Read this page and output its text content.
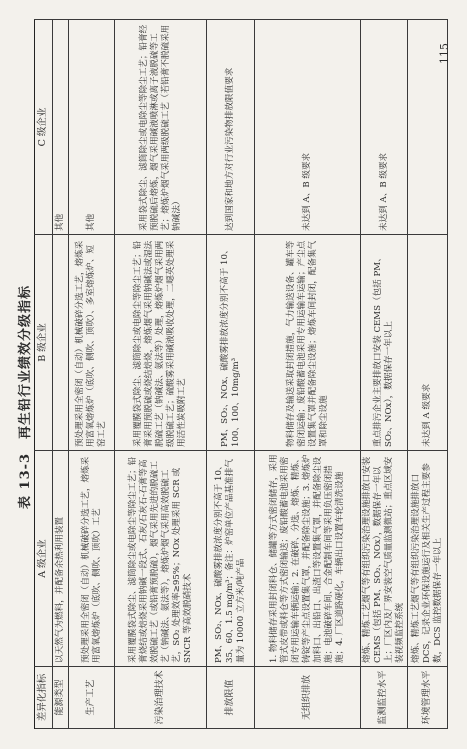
表 13-3　再生铅行业绩效分级指标
差异化指标	A 级企业	B 级企业	C 级企业
能源类型	以天然气为燃料，并配备余热利用装置		其他
生产工艺	预处理采用全密闭（自动）机械破碎分选工艺，熔炼采用富氧熔炼炉（底吹、侧吹、顶吹）工艺	预处理采用全密闭（自动）机械破碎分选工艺，熔炼采用富氧熔炼炉（底吹、侧吹、顶吹）、多室熔炼炉、短窑工艺	其他
污染治理技术	采用覆膜袋式除尘、滤筒除尘或电除尘等除尘工艺；铅膏烧结或焙烧采用钠碱一段式、石灰/石灰石-石膏等高效脱硫工艺（或铅膏预脱硫），烟气采用先进的脱硫工艺（钠碱法、氨法等），熔炼炉烟气采用高效脱硫工艺，SO₂ 处理效率≥95%；NOx 处理采用 SCR 或 SNCR 等高效脱硝技术	采用覆膜袋式除尘、滤筒除尘或电除尘等除尘工艺；铅膏采用预脱硫或烧结焙烧，熔炼烟气采用钠碱法或湿法脱硫工艺（钠碱法、氨法等）处理，熔炼炉烟气采用两级脱硫工艺；硫酸雾采用碱液吸收处理，二噁英处理采用活性炭吸附工艺	采用袋式除尘、滤筒除尘或电除尘等除尘工艺；铅膏经预脱硫后熔炼，烟气采用碱液喷淋或离子液脱硫等工艺；熔炼炉烟气采用两级脱硫工艺（若铅膏不脱硫采用钠碱法）
排放限值	PM、SO₂、NOx、硫酸雾排放浓度分别不高于 10、35、60、1.5 mg/m³；备注：炉窑单位产品基准排气量为 10000 立方米/吨产品	PM、SO₂、NOx、硫酸雾排放浓度分别不高于 10、100、100、10mg/m³	达到国家和地方对行业污染物排放限值要求
无组织排放	1. 物料储存采用封闭料仓、储罐等方式密闭储存，采用管式皮带或料仓等方式密闭输送；废铅酸蓄电池采用密闭专用运输车辆运输；2. 在破碎、分选、熔炼、精炼、铸锭等产尘点设置集气罩，并配备除尘设施；3. 熔炼炉加料口、出铅口、出渣口等设置集气罩，并配备除尘设施；电池破碎车间、合金配制车间等采用负压密闭措施；4. 厂区道路硬化，车辆出口设置车轮清洗设施	物料储存及输送采取封闭措施，气力输送设备、罐车等密闭运输；废铅酸蓄电池采用专用运输车运输；产尘点设置集气罩并配备除尘设施；熔炼车间封闭，配备集气罩和除尘设施	未达到 A、B 级要求
监测监控水平	熔炼、精炼工艺烟气等有组织污染治理设施排放口安装 CEMS（包括 PM、SO₂、NOx），数据保存一年以上；厂区内及厂界安装空气质量监测微站；重点区域安装视频监控系统	重点排污企业主要排放口安装 CEMS（包括 PM、SO₂、NOx），数据保存一年以上	未达到 A、B 级要求
环境管理水平	熔炼、精炼工艺烟气等有组织污染治理设施排放口 DCS，记录企业环保设施运行及相关生产过程主要参数，DCS 监控数据保存一年以上	未达到 A 级要求	
115
